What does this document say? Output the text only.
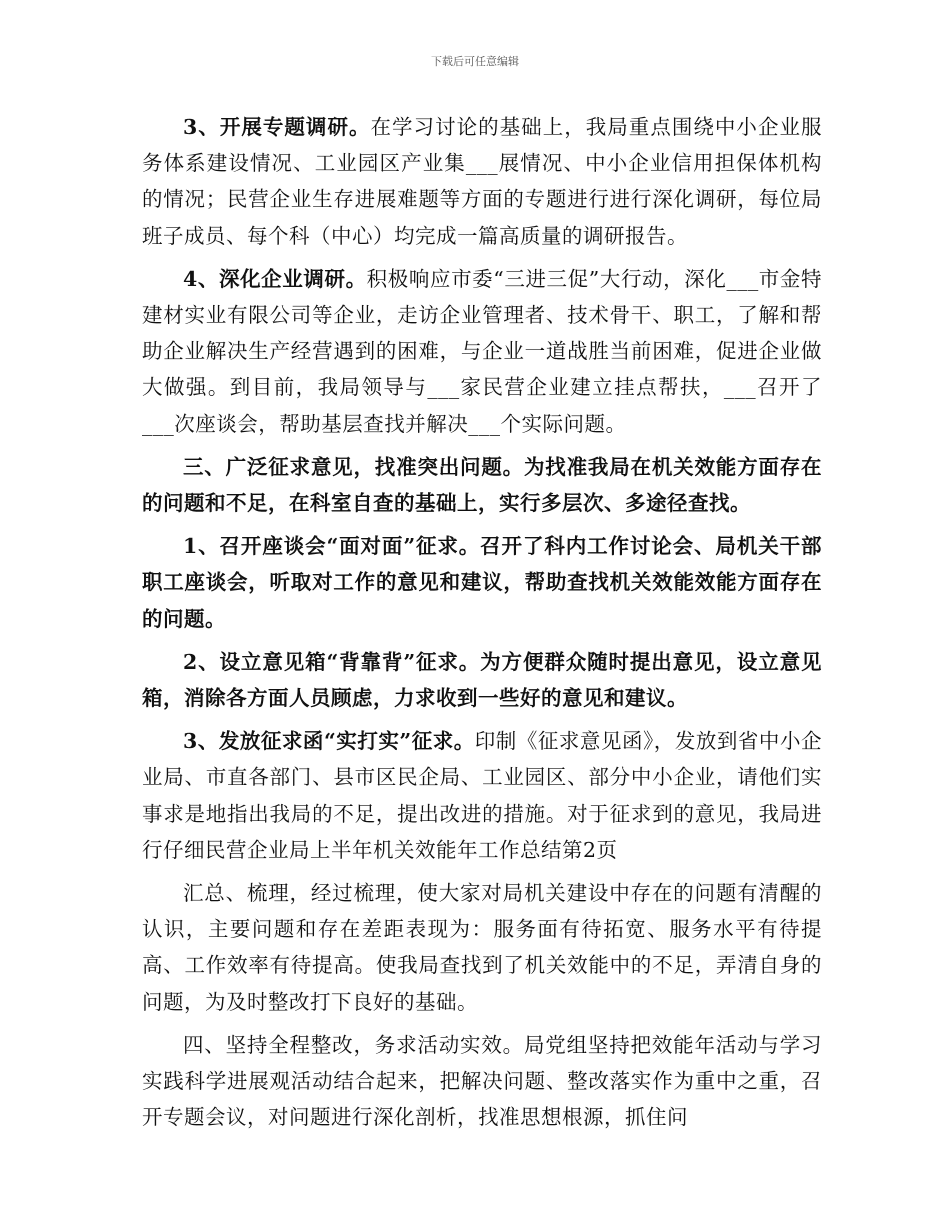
下载后可任意编辑

3、开展专题调研。在学习讨论的基础上，我局重点围绕中小企业服务体系建设情况、工业园区产业集___展情况、中小企业信用担保体机构的情况；民营企业生存进展难题等方面的专题进行进行深化调研，每位局班子成员、每个科（中心）均完成一篇高质量的调研报告。

4、深化企业调研。积极响应市委“三进三促”大行动，深化___市金特建材实业有限公司等企业，走访企业管理者、技术骨干、职工，了解和帮助企业解决生产经营遇到的困难，与企业一道战胜当前困难，促进企业做大做强。到目前，我局领导与___家民营企业建立挂点帮扶，___召开了___次座谈会，帮助基层查找并解决___个实际问题。

三、广泛征求意见，找准突出问题。为找准我局在机关效能方面存在的问题和不足，在科室自查的基础上，实行多层次、多途径查找。

1、召开座谈会“面对面”征求。召开了科内工作讨论会、局机关干部职工座谈会，听取对工作的意见和建议，帮助查找机关效能效能方面存在的问题。

2、设立意见箱“背靠背”征求。为方便群众随时提出意见，设立意见箱，消除各方面人员顾虑，力求收到一些好的意见和建议。

3、发放征求函“实打实”征求。印制《征求意见函》，发放到省中小企业局、市直各部门、县市区民企局、工业园区、部分中小企业，请他们实事求是地指出我局的不足，提出改进的措施。对于征求到的意见，我局进行仔细民营企业局上半年机关效能年工作总结第2页

汇总、梳理，经过梳理，使大家对局机关建设中存在的问题有清醒的认识，主要问题和存在差距表现为：服务面有待拓宽、服务水平有待提高、工作效率有待提高。使我局查找到了机关效能中的不足，弄清自身的问题，为及时整改打下良好的基础。

四、坚持全程整改，务求活动实效。局党组坚持把效能年活动与学习实践科学进展观活动结合起来，把解决问题、整改落实作为重中之重，召开专题会议，对问题进行深化剖析，找准思想根源，抓住问
